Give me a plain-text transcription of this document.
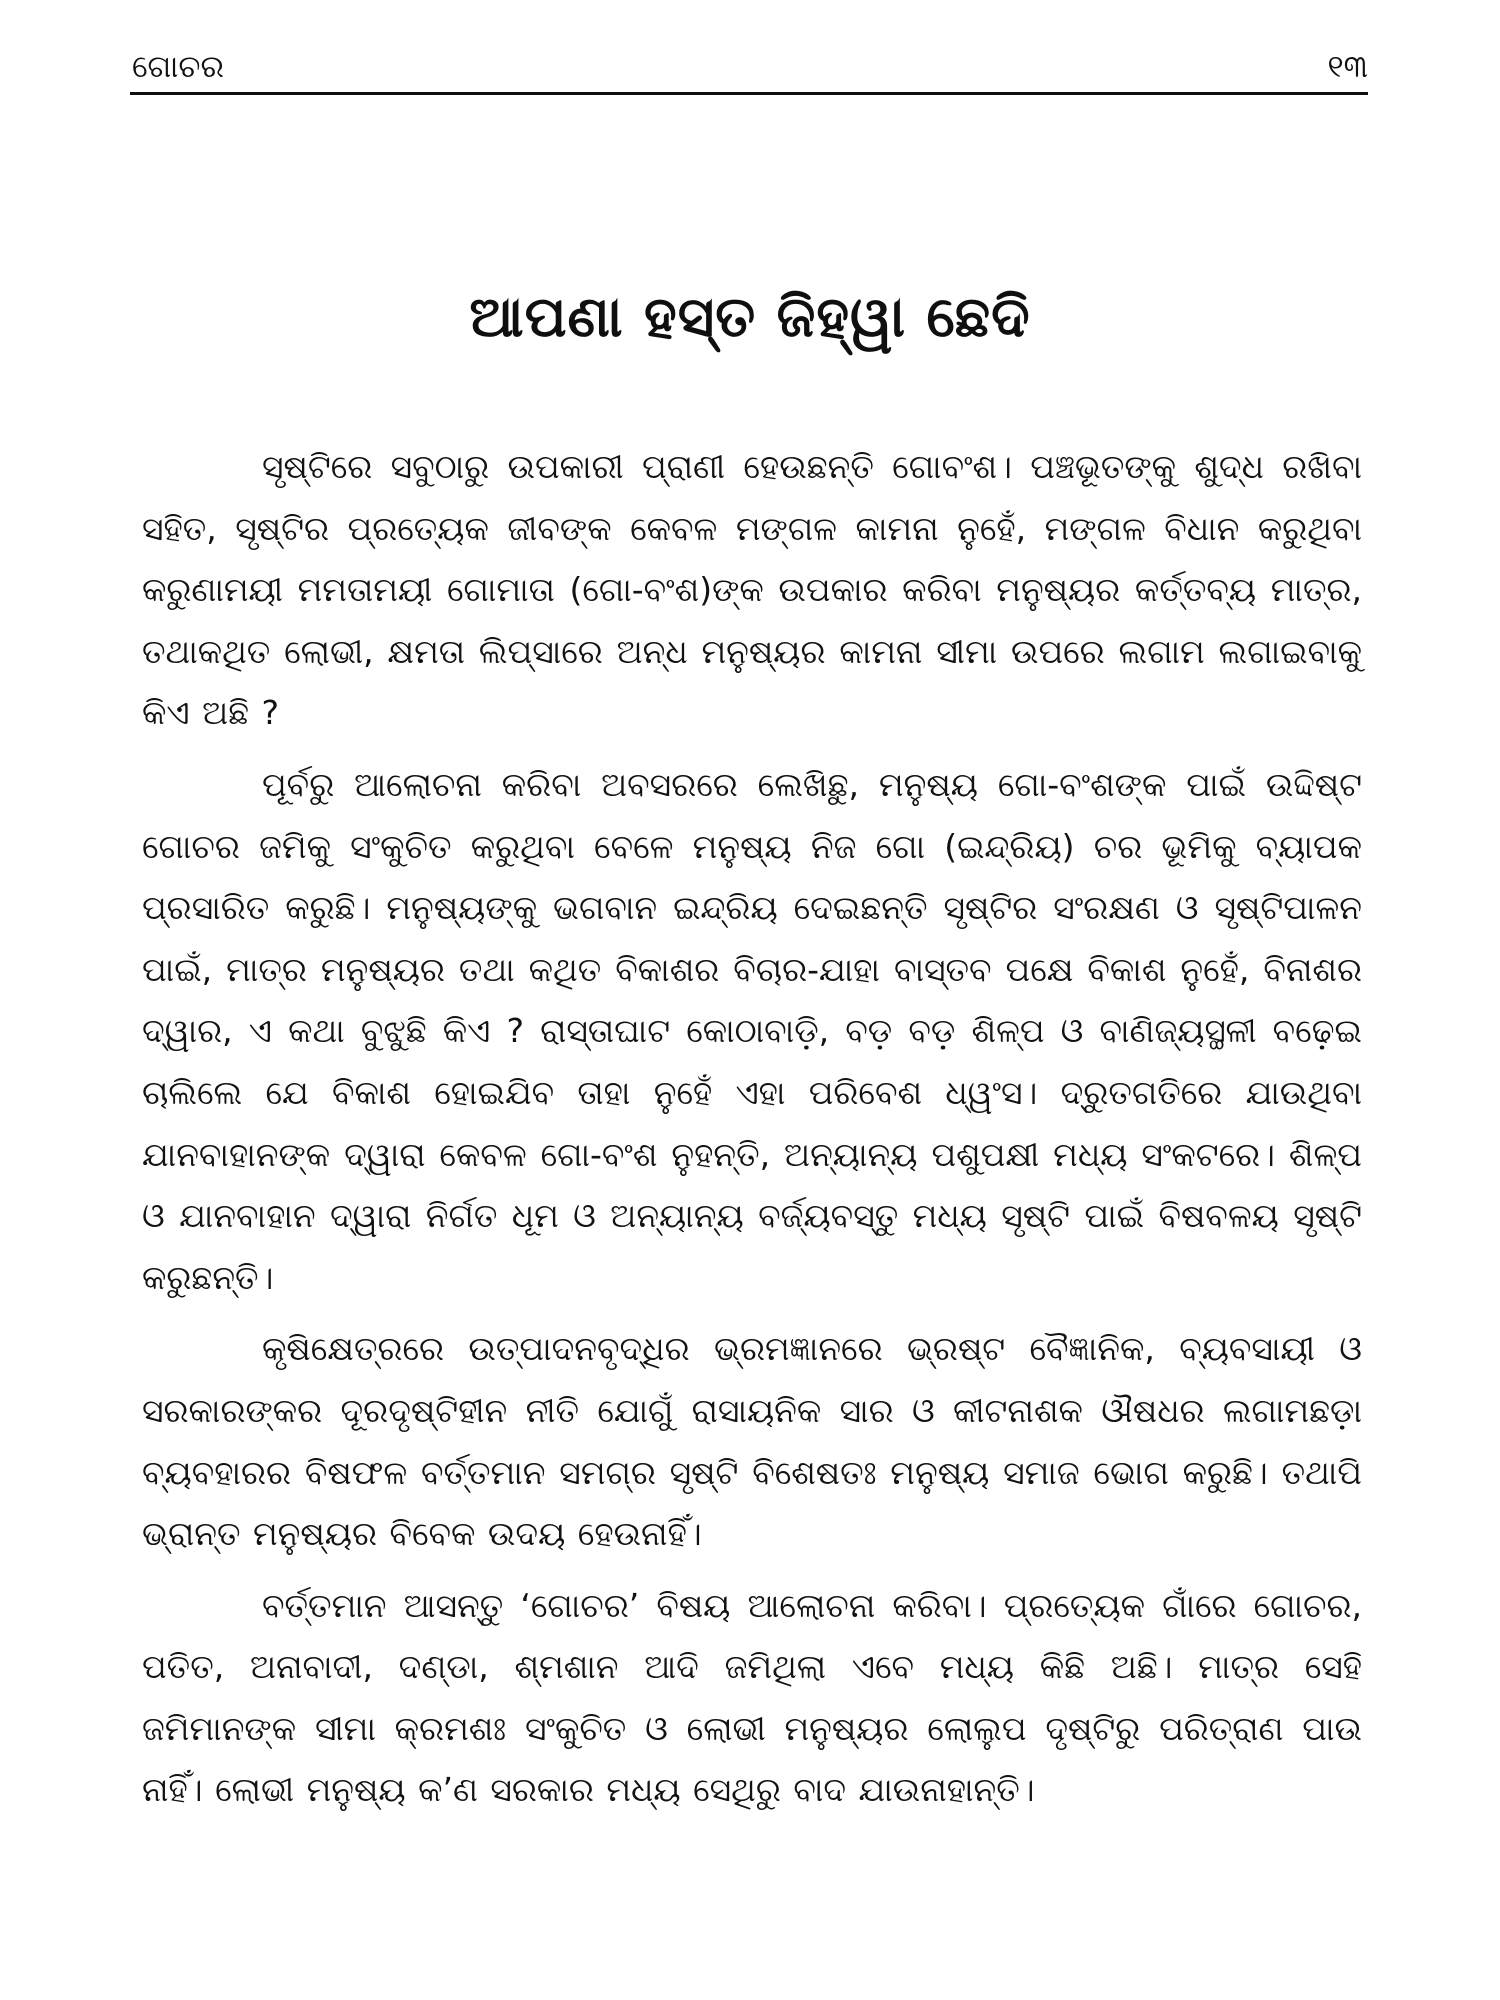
ଗୋଚର	୧୩
ଆପଣା ହସ୍ତ ଜିହ୍ୱା ଛେଦି

ସୃଷ୍ଟିରେ ସବୁଠାରୁ ଉପକାରୀ ପ୍ରାଣୀ ହେଉଛନ୍ତି ଗୋବଂଶ। ପଞ୍ଚଭୂତଙ୍କୁ ଶୁଦ୍ଧ ରଖିବା ସହିତ, ସୃଷ୍ଟିର ପ୍ରତ୍ୟେକ ଜୀବଙ୍କ କେବଳ ମଙ୍ଗଳ କାମନା ନୁହେଁ, ମଙ୍ଗଳ ବିଧାନ କରୁଥିବା କରୁଣାମୟୀ ମମତାମୟୀ ଗୋମାତା (ଗୋ-ବଂଶ)ଙ୍କ ଉପକାର କରିବା ମନୁଷ୍ୟର କର୍ତ୍ତବ୍ୟ ମାତ୍ର, ତଥାକଥିତ ଲୋଭୀ, କ୍ଷମତା ଲିପ୍ସାରେ ଅନ୍ଧ ମନୁଷ୍ୟର କାମନା ସୀମା ଉପରେ ଲଗାମ ଲଗାଇବାକୁ କିଏ ଅଛି ?

ପୂର୍ବରୁ ଆଲୋଚନା କରିବା ଅବସରରେ ଲେଖିଛୁ, ମନୁଷ୍ୟ ଗୋ-ବଂଶଙ୍କ ପାଇଁ ଉଦ୍ଦିଷ୍ଟ ଗୋଚର ଜମିକୁ ସଂକୁଚିତ କରୁଥିବା ବେଳେ ମନୁଷ୍ୟ ନିଜ ଗୋ (ଇନ୍ଦ୍ରିୟ) ଚର ଭୂମିକୁ ବ୍ୟାପକ ପ୍ରସାରିତ କରୁଛି। ମନୁଷ୍ୟଙ୍କୁ ଭଗବାନ ଇନ୍ଦ୍ରିୟ ଦେଇଛନ୍ତି ସୃଷ୍ଟିର ସଂରକ୍ଷଣ ଓ ସୃଷ୍ଟିପାଳନ ପାଇଁ, ମାତ୍ର ମନୁଷ୍ୟର ତଥା କଥିତ ବିକାଶର ବିଚାର-ଯାହା ବାସ୍ତବ ପକ୍ଷେ ବିକାଶ ନୁହେଁ, ବିନାଶର ଦ୍ୱାର, ଏ କଥା ବୁଝୁଛି କିଏ ? ରାସ୍ତାଘାଟ କୋଠାବାଡ଼ି, ବଡ଼ ବଡ଼ ଶିଳ୍ପ ଓ ବାଣିଜ୍ୟସ୍ଥଳୀ ବଢ଼େଇ ଚାଲିଲେ ଯେ ବିକାଶ ହୋଇଯିବ ତାହା ନୁହେଁ ଏହା ପରିବେଶ ଧ୍ୱଂସ। ଦ୍ରୁତଗତିରେ ଯାଉଥିବା ଯାନବାହାନଙ୍କ ଦ୍ୱାରା କେବଳ ଗୋ-ବଂଶ ନୁହନ୍ତି, ଅନ୍ୟାନ୍ୟ ପଶୁପକ୍ଷୀ ମଧ୍ୟ ସଂକଟରେ। ଶିଳ୍ପ ଓ ଯାନବାହାନ ଦ୍ୱାରା ନିର୍ଗତ ଧୂମ ଓ ଅନ୍ୟାନ୍ୟ ବର୍ଜ୍ୟବସ୍ତୁ ମଧ୍ୟ ସୃଷ୍ଟି ପାଇଁ ବିଷବଳୟ ସୃଷ୍ଟି କରୁଛନ୍ତି।

କୃଷିକ୍ଷେତ୍ରରେ ଉତ୍ପାଦନବୃଦ୍ଧିର ଭ୍ରମଜ୍ଞାନରେ ଭ୍ରଷ୍ଟ ବୈଜ୍ଞାନିକ, ବ୍ୟବସାୟୀ ଓ ସରକାରଙ୍କର ଦୂରଦୃଷ୍ଟିହୀନ ନୀତି ଯୋଗୁଁ ରାସାୟନିକ ସାର ଓ କୀଟନାଶକ ଔଷଧର ଲଗାମଛଡ଼ା ବ୍ୟବହାରର ବିଷଫଳ ବର୍ତ୍ତମାନ ସମଗ୍ର ସୃଷ୍ଟି ବିଶେଷତଃ ମନୁଷ୍ୟ ସମାଜ ଭୋଗ କରୁଛି। ତଥାପି ଭ୍ରାନ୍ତ ମନୁଷ୍ୟର ବିବେକ ଉଦୟ ହେଉନାହିଁ।

ବର୍ତ୍ତମାନ ଆସନ୍ତୁ ‘ଗୋଚର’ ବିଷୟ ଆଲୋଚନା କରିବା। ପ୍ରତ୍ୟେକ ଗାଁରେ ଗୋଚର, ପତିତ, ଅନାବାଦୀ, ଦଣ୍ଡା, ଶ୍ମଶାନ ଆଦି ଜମିଥିଲା ଏବେ ମଧ୍ୟ କିଛି ଅଛି। ମାତ୍ର ସେହି ଜମିମାନଙ୍କ ସୀମା କ୍ରମଶଃ ସଂକୁଚିତ ଓ ଲୋଭୀ ମନୁଷ୍ୟର ଲୋଲୁପ ଦୃଷ୍ଟିରୁ ପରିତ୍ରାଣ ପାଉ ନାହିଁ। ଲୋଭୀ ମନୁଷ୍ୟ କ’ଣ ସରକାର ମଧ୍ୟ ସେଥିରୁ ବାଦ ଯାଉନାହାନ୍ତି।
